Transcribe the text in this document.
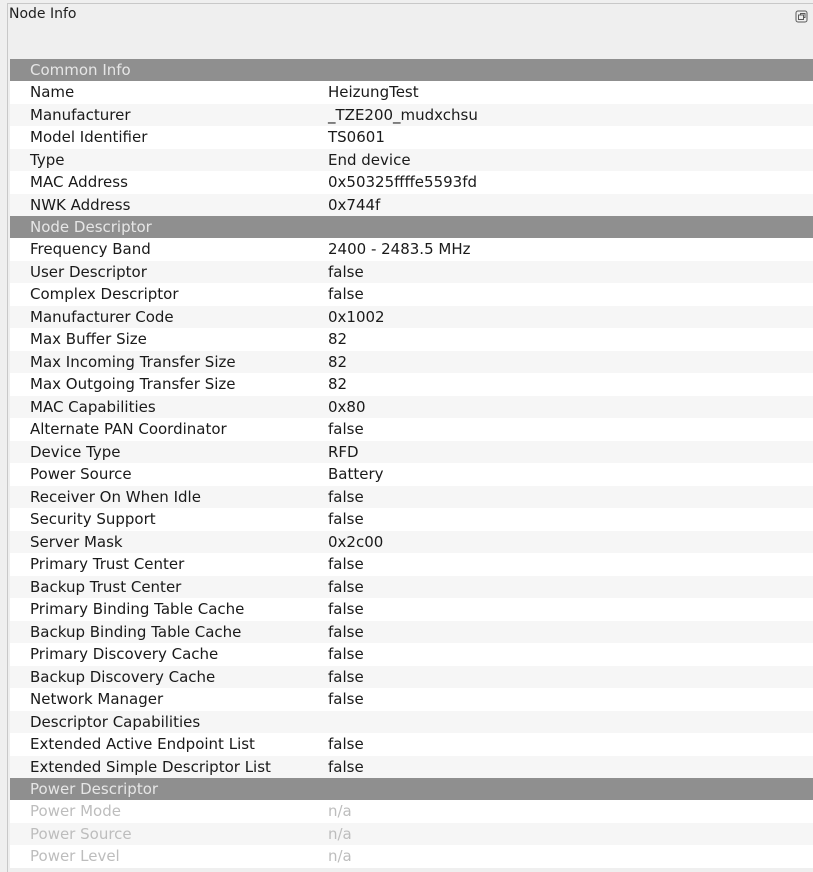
Node Info
Common Info
Name	HeizungTest
Manufacturer	_TZE200_mudxchsu
Model Identifier	TS0601
Type	End device
MAC Address	0x50325ffffe5593fd
NWK Address	0x744f
Node Descriptor
Frequency Band	2400 - 2483.5 MHz
User Descriptor	false
Complex Descriptor	false
Manufacturer Code	0x1002
Max Buffer Size	82
Max Incoming Transfer Size	82
Max Outgoing Transfer Size	82
MAC Capabilities	0x80
Alternate PAN Coordinator	false
Device Type	RFD
Power Source	Battery
Receiver On When Idle	false
Security Support	false
Server Mask	0x2c00
Primary Trust Center	false
Backup Trust Center	false
Primary Binding Table Cache	false
Backup Binding Table Cache	false
Primary Discovery Cache	false
Backup Discovery Cache	false
Network Manager	false
Descriptor Capabilities
Extended Active Endpoint List	false
Extended Simple Descriptor List	false
Power Descriptor
Power Mode	n/a
Power Source	n/a
Power Level	n/a
